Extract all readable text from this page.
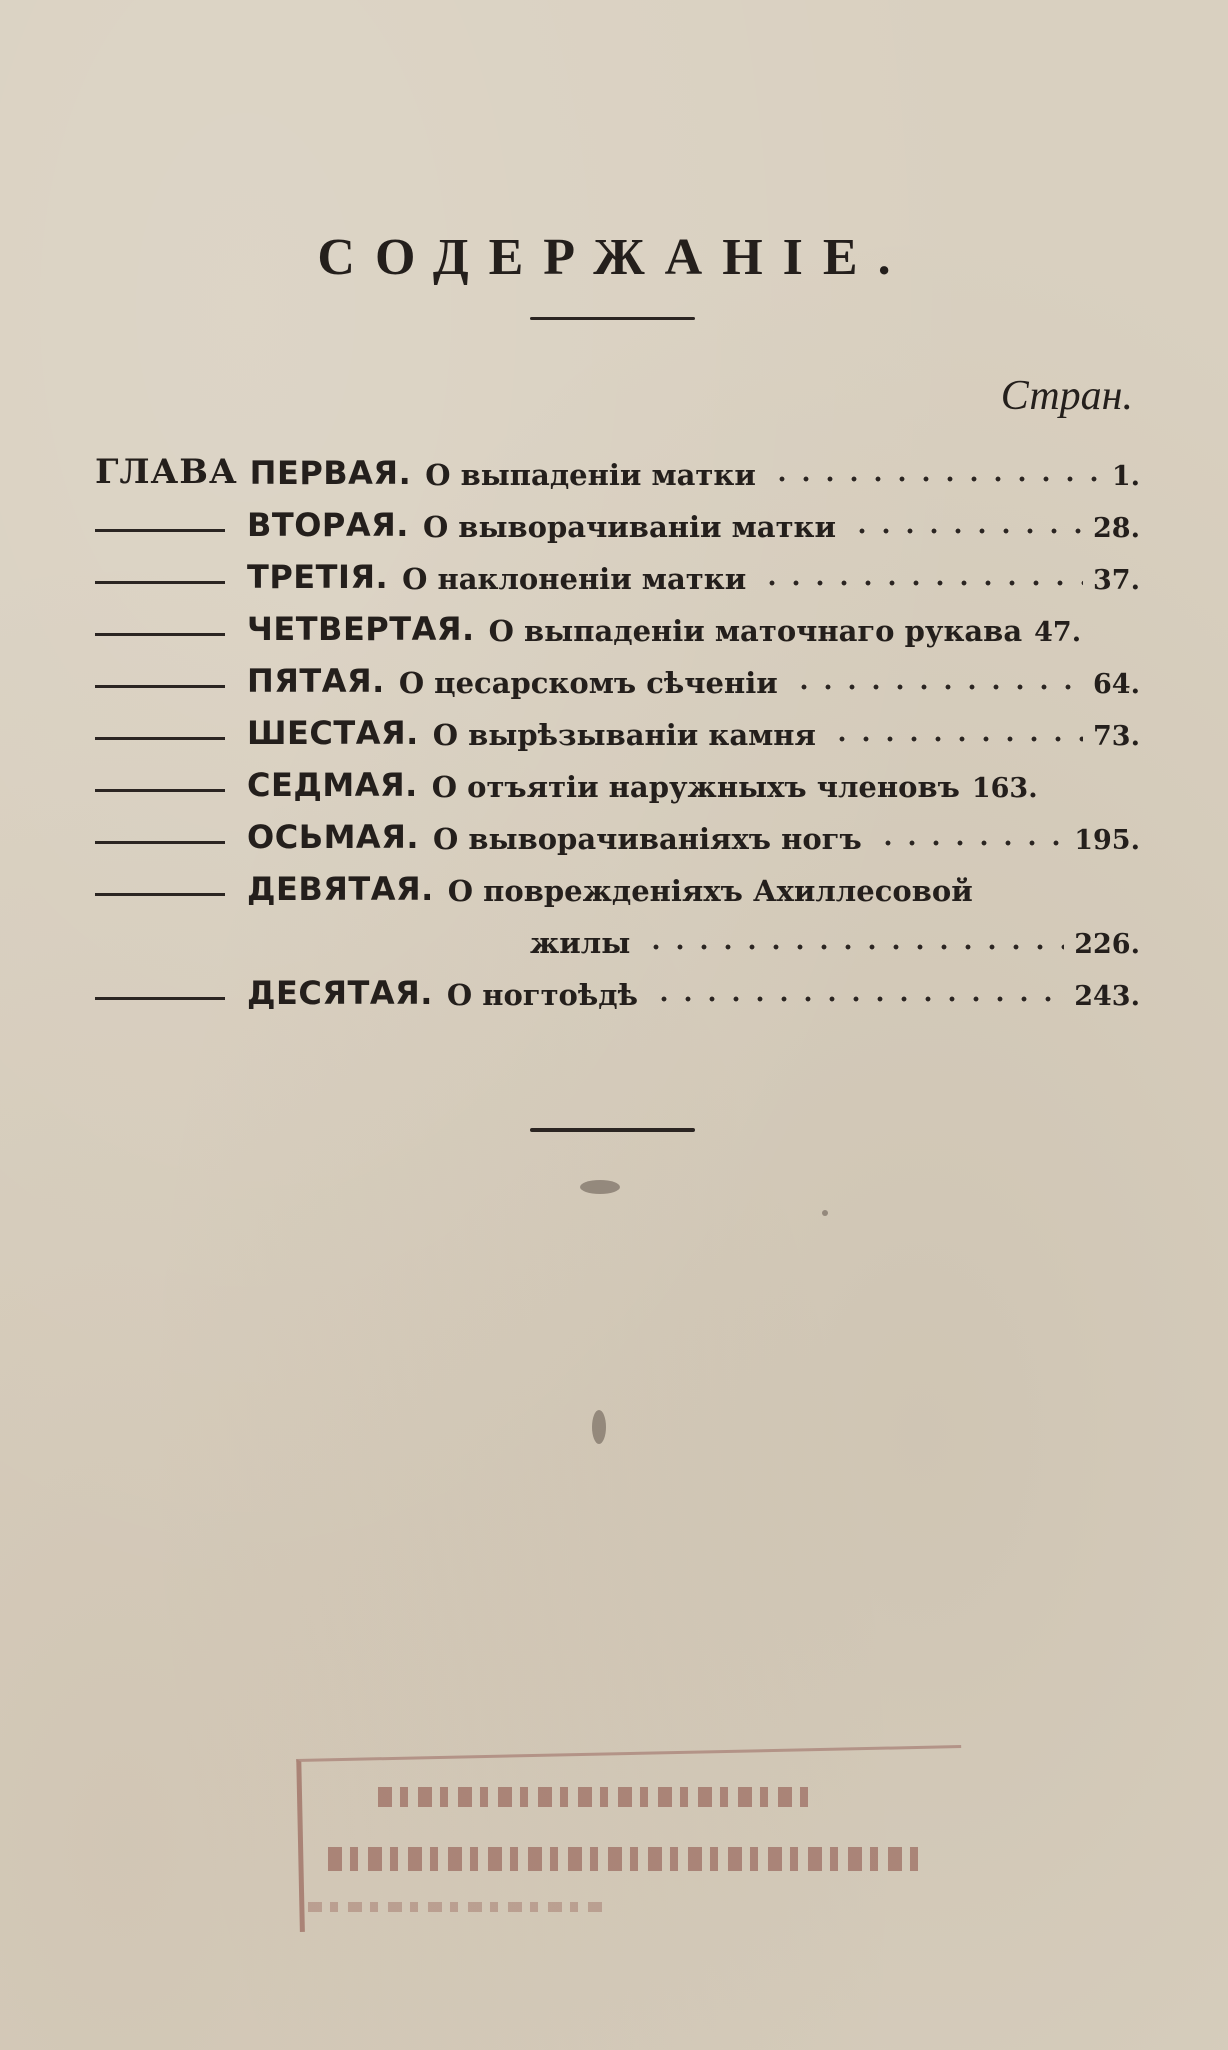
СОДЕРЖАНIЕ.
Стран.
ГЛАВА ПЕРВАЯ. О выпаденiи матки	1.
ВТОРАЯ. О выворачиванiи матки	28.
ТРЕТIЯ. О наклоненiи матки	37.
ЧЕТВЕРТАЯ. О выпаденiи маточнаго рукава 47.
ПЯТАЯ. О цесарскомъ сѣченiи	64.
ШЕСТАЯ. О вырѣзыванiи камня	73.
СЕДМАЯ. О отъятiи наружныхъ членовъ 163.
ОСЬМАЯ. О выворачиванiяхъ ногъ	195.
ДЕВЯТАЯ. О поврежденiяхъ Ахиллесовой
жилы	226.
ДЕСЯТАЯ. О ногтоѣдѣ	243.
